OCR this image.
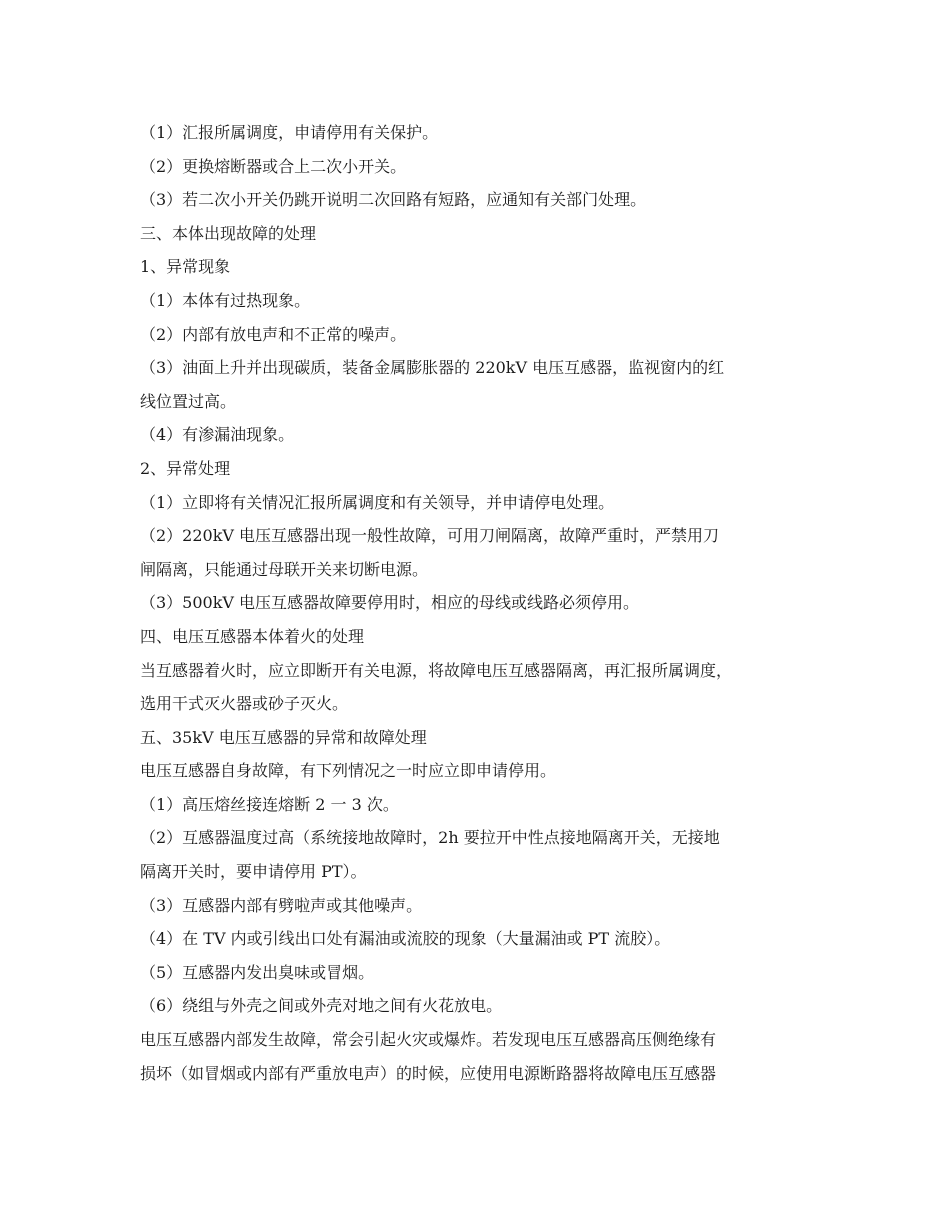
（1）汇报所属调度，申请停用有关保护。
（2）更换熔断器或合上二次小开关。
（3）若二次小开关仍跳开说明二次回路有短路，应通知有关部门处理。
三、本体出现故障的处理
1、异常现象
（1）本体有过热现象。
（2）内部有放电声和不正常的噪声。
（3）油面上升并出现碳质，装备金属膨胀器的 220kV 电压互感器，监视窗内的红
线位置过高。
（4）有渗漏油现象。
2、异常处理
（1）立即将有关情况汇报所属调度和有关领导，并申请停电处理。
（2）220kV 电压互感器出现一般性故障，可用刀闸隔离，故障严重时，严禁用刀
闸隔离，只能通过母联开关来切断电源。
（3）500kV 电压互感器故障要停用时，相应的母线或线路必须停用。
四、电压互感器本体着火的处理
当互感器着火时，应立即断开有关电源，将故障电压互感器隔离，再汇报所属调度，
选用干式灭火器或砂子灭火。
五、35kV 电压互感器的异常和故障处理
电压互感器自身故障，有下列情况之一时应立即申请停用。
（1）高压熔丝接连熔断 2 一 3 次。
（2）互感器温度过高（系统接地故障时，2h 要拉开中性点接地隔离开关，无接地
隔离开关时，要申请停用 PT）。
（3）互感器内部有劈啦声或其他噪声。
（4）在 TV 内或引线出口处有漏油或流胶的现象（大量漏油或 PT 流胶）。
（5）互感器内发出臭味或冒烟。
（6）绕组与外壳之间或外壳对地之间有火花放电。
电压互感器内部发生故障，常会引起火灾或爆炸。若发现电压互感器高压侧绝缘有
损坏（如冒烟或内部有严重放电声）的时候，应使用电源断路器将故障电压互感器
